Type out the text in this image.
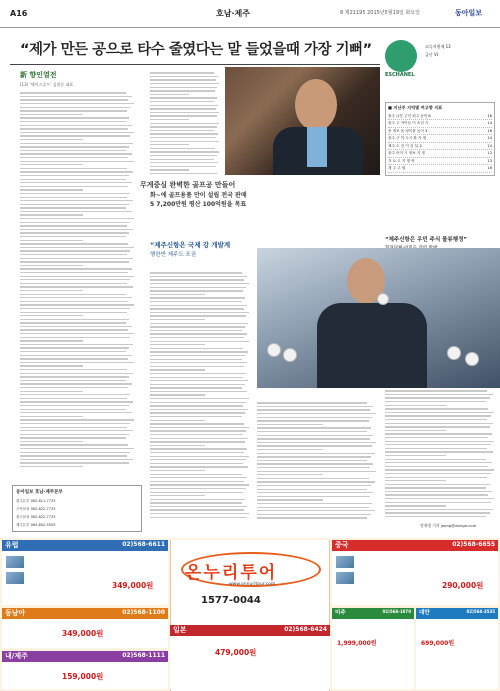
A16	호남·제주	8 제21195 2015년5월19일 화요일	동아일보
“제가 만든 공으로 타수 줄였다는 말 들었을때 가장 기뻐”
新 향인열전
(13) ‘에이스골프’ 김현준 대표
무게중심 완벽한 골프공 만들어
화~에 골프용품 만이 설립 전국 판매
5 7,200만원 평산 100억원을 목표
ESCHANEL
소득지원제 13
금난 VI
■ 지난주 지역별 여고향 지표
광주 나뭇 주인 최고 동안 8	16
광주 주 아이들 이 소년 기	14
봉 정보 돌 평이를 높이 3	16
광주 구 이 도시 확 지 평	14
제주 도 건 이 강 설 수	14
광주 어이 시 정보 지 명	12
각 토 고 지 명 역	13
계 주 고 원	16
“제주신항은 국제 강 개발계
행한반 제주도 포권
“제주신항은 우민 주식 물류행정”
동아일보 호남·제주본부
광주본부 062-611-7733
구독문의 062-622-7733
광고문의 062-622-7733
제주본부 064-802-5555	정재명 기자 jeong@donga.com
유럽	02)568-6611
349,000원
동남아	02)568-1100
349,000원
내/제주	02)568-1111
159,000원
온누리투어
www.onnuritour.com
1577-0044
일본	02)568-6424
479,000원
중국	02)568-6655
290,000원
미주	02)568-1070
1,999,000원
대만	02)568-3535
699,000원
